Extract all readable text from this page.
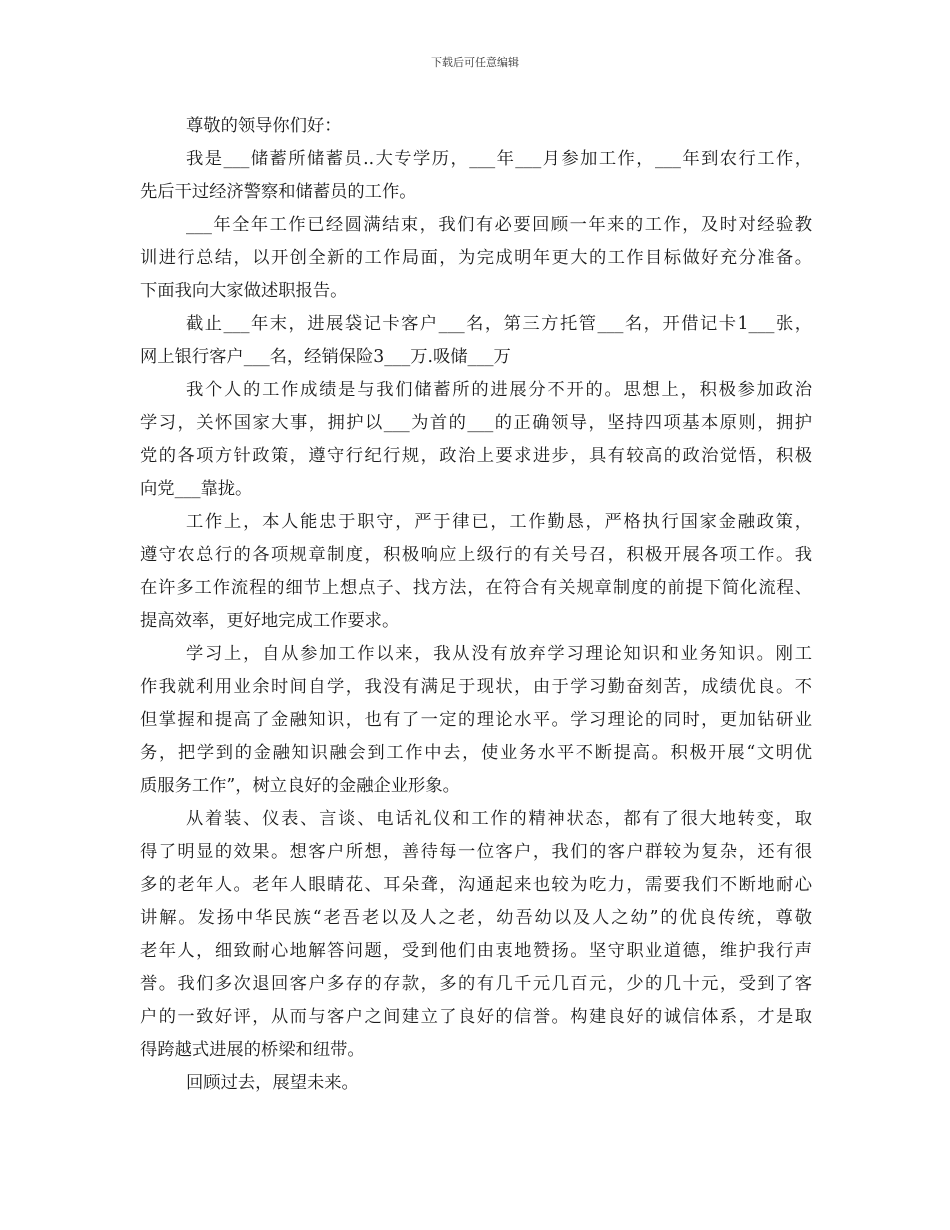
下载后可任意编辑
尊敬的领导你们好：
我是___储蓄所储蓄员..大专学历，___年___月参加工作，___年到农行工作，
先后干过经济警察和储蓄员的工作。
___年全年工作已经圆满结束，我们有必要回顾一年来的工作，及时对经验教
训进行总结，以开创全新的工作局面，为完成明年更大的工作目标做好充分准备。
下面我向大家做述职报告。
截止___年末，进展袋记卡客户___名，第三方托管___名，开借记卡1___张，
网上银行客户___名，经销保险3___万.吸储___万
我个人的工作成绩是与我们储蓄所的进展分不开的。思想上，积极参加政治
学习，关怀国家大事，拥护以___为首的___的正确领导，坚持四项基本原则，拥护
党的各项方针政策，遵守行纪行规，政治上要求进步，具有较高的政治觉悟，积极
向党___靠拢。
工作上，本人能忠于职守，严于律已，工作勤恳，严格执行国家金融政策，
遵守农总行的各项规章制度，积极响应上级行的有关号召，积极开展各项工作。我
在许多工作流程的细节上想点子、找方法，在符合有关规章制度的前提下简化流程、
提高效率，更好地完成工作要求。
学习上，自从参加工作以来，我从没有放弃学习理论知识和业务知识。刚工
作我就利用业余时间自学，我没有满足于现状，由于学习勤奋刻苦，成绩优良。不
但掌握和提高了金融知识，也有了一定的理论水平。学习理论的同时，更加钻研业
务，把学到的金融知识融会到工作中去，使业务水平不断提高。积极开展“文明优
质服务工作”，树立良好的金融企业形象。
从着装、仪表、言谈、电话礼仪和工作的精神状态，都有了很大地转变，取
得了明显的效果。想客户所想，善待每一位客户，我们的客户群较为复杂，还有很
多的老年人。老年人眼睛花、耳朵聋，沟通起来也较为吃力，需要我们不断地耐心
讲解。发扬中华民族“老吾老以及人之老，幼吾幼以及人之幼”的优良传统，尊敬
老年人，细致耐心地解答问题，受到他们由衷地赞扬。坚守职业道德，维护我行声
誉。我们多次退回客户多存的存款，多的有几千元几百元，少的几十元，受到了客
户的一致好评，从而与客户之间建立了良好的信誉。构建良好的诚信体系，才是取
得跨越式进展的桥梁和纽带。
回顾过去，展望未来。
